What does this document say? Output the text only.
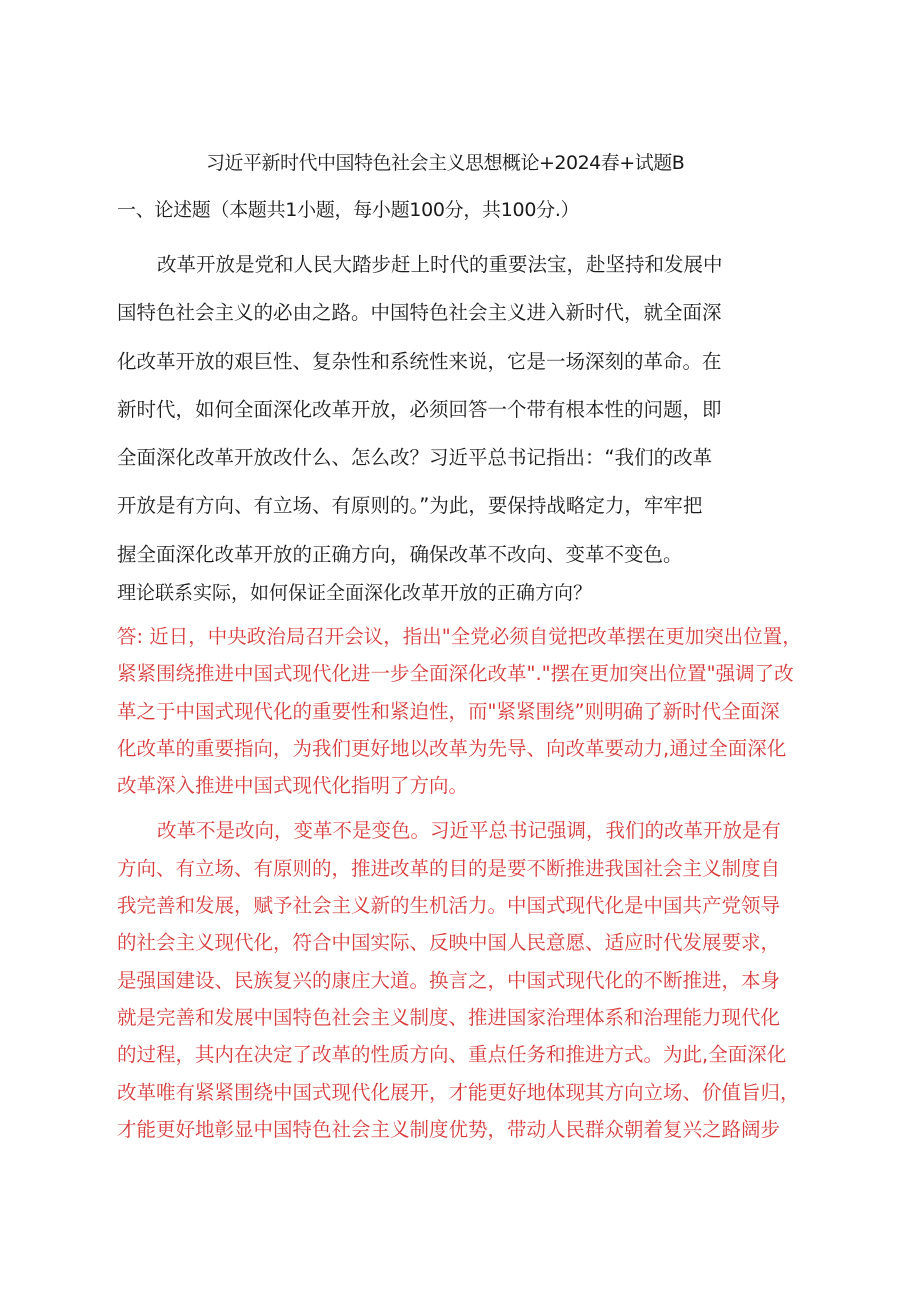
习近平新时代中国特色社会主义思想概论+2024春+试题B
一、论述题（本题共1小题，每小题100分，共100分.）
改革开放是党和人民大踏步赶上时代的重要法宝，赴坚持和发展中
国特色社会主义的必由之路。中国特色社会主义进入新时代，就全面深
化改革开放的艰巨性、复杂性和系统性来说，它是一场深刻的革命。在
新时代，如何全面深化改革开放，必须回答一个带有根本性的问题，即
全面深化改革开放改什么、怎么改？习近平总书记指出：“我们的改革
开放是有方向、有立场、有原则的。”为此，要保持战略定力，牢牢把
握全面深化改革开放的正确方向，确保改革不改向、变革不变色。
理论联系实际，如何保证全面深化改革开放的正确方向？
答: 近日，中央政治局召开会议，指出"全党必须自觉把改革摆在更加突出位置，
紧紧围绕推进中国式现代化进一步全面深化改革"."摆在更加突出位置"强调了改
革之于中国式现代化的重要性和紧迫性，而"紧紧围绕”则明确了新时代全面深
化改革的重要指向，为我们更好地以改革为先导、向改革要动力,通过全面深化
改革深入推进中国式现代化指明了方向。
改革不是改向，变革不是变色。习近平总书记强调，我们的改革开放是有
方向、有立场、有原则的，推进改革的目的是要不断推进我国社会主义制度自
我完善和发展，赋予社会主义新的生机活力。中国式现代化是中国共产党领导
的社会主义现代化，符合中国实际、反映中国人民意愿、适应时代发展要求，
是强国建设、民族复兴的康庄大道。换言之，中国式现代化的不断推进，本身
就是完善和发展中国特色社会主义制度、推进国家治理体系和治理能力现代化
的过程，其内在决定了改革的性质方向、重点任务和推进方式。为此,全面深化
改革唯有紧紧围绕中国式现代化展开，才能更好地体现其方向立场、价值旨归，
才能更好地彰显中国特色社会主义制度优势，带动人民群众朝着复兴之路阔步
